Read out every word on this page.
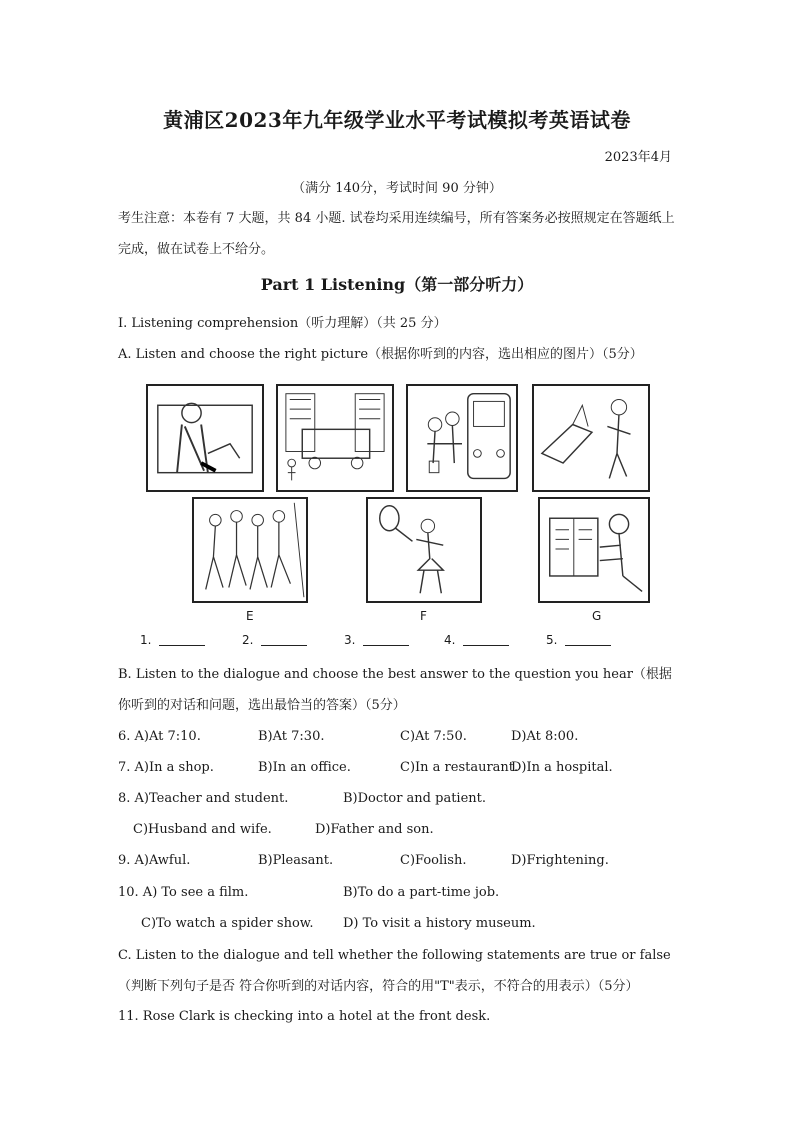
黄浦区2023年九年级学业水平考试模拟考英语试卷
2023年4月
（满分 140分，考试时间 90 分钟）
考生注意：本卷有 7 大题，共 84 小题. 试卷均采用连续编号，所有答案务必按照规定在答题纸上完成，做在试卷上不给分。
Part 1 Listening（第一部分听力）
I. Listening comprehension（听力理解）（共 25 分）
A. Listen and choose the right picture（根据你听到的内容，选出相应的图片）（5分）
E	F	G
1.	2.	3.	4.	5.
B. Listen to the dialogue and choose the best answer to the question you hear（根据你听到的对话和问题，选出最恰当的答案）（5分）
6. A)At 7:10.	B)At 7:30.	C)At 7:50.	D)At 8:00.
7. A)In a shop.	B)In an office.	C)In a restaurant.
D)In a hospital.
8. A)Teacher and student.	B)Doctor and patient.
C)Husband and wife.	D)Father and son.
9. A)Awful.	B)Pleasant.	C)Foolish.	D)Frightening.
10. A) To see a film.	B)To do a part-time job.
C)To watch a spider show. D) To visit a history museum.
C. Listen to the dialogue and tell whether the following statements are true or false（判断下列句子是否 符合你听到的对话内容，符合的用"T"表示，不符合的用表示）（5分）
11. Rose Clark is checking into a hotel at the front desk.
